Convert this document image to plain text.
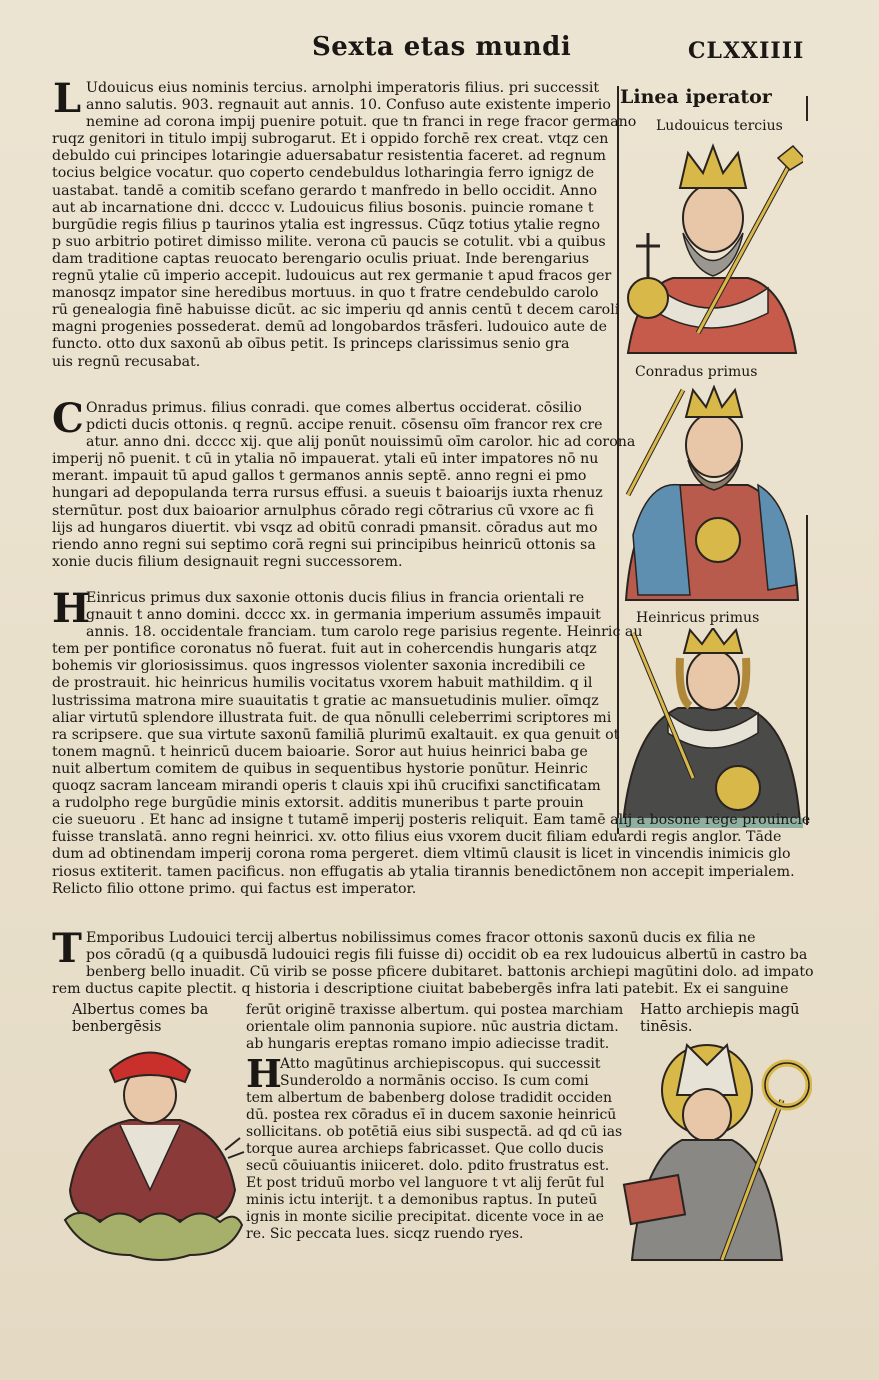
Sexta etas mundi	CLXXIIII
Linea iperator
Ludouicus tercius
Conradus primus
Heinricus primus
L Udouicus eius nominis tercius. arnolphi imperatoris filius. pri successit

anno salutis. 903. regnauit aut annis. 10. Confuso aute existente imperio

nemine ad corona impij puenire potuit. que tn franci in rege fracor germano

ruqz genitori in titulo impij subrogarut. Et i oppido forchē rex creat. vtqz cen

debuldo cui principes lotaringie aduersabatur resistentia faceret. ad regnum

tocius belgice vocatur. quo coperto cendebuldus lotharingia ferro ignigz de

uastabat. tandē a comitib scefano gerardo t manfredo in bello occidit. Anno

aut ab incarnatione dni. dcccc v. Ludouicus filius bosonis. puincie romane t

burgūdie regis filius p taurinos ytalia est ingressus. Cūqz totius ytalie regno

p suo arbitrio potiret dimisso milite. verona cū paucis se cotulit. vbi a quibus

dam traditione captas reuocato berengario oculis priuat. Inde berengarius

regnū ytalie cū imperio accepit. ludouicus aut rex germanie t apud fracos ger

manosqz impator sine heredibus mortuus. in quo t fratre cendebuldo carolo

rū genealogia finē habuisse dicūt. ac sic imperiu qd annis centū t decem caroli

magni progenies possederat. demū ad longobardos trāsferi. ludouico aute de

functo. otto dux saxonū ab oībus petit. Is princeps clarissimus senio gra

uis regnū recusabat.

C Onradus primus. filius conradi. que comes albertus occiderat. cōsilio

pdicti ducis ottonis. q regnū. accipe renuit. cōsensu oīm francor rex cre

atur. anno dni. dcccc xij. que alij ponūt nouissimū oīm carolor. hic ad corona

imperij nō puenit. t cū in ytalia nō impauerat. ytali eū inter impatores nō nu

merant. impauit tū apud gallos t germanos annis septē. anno regni ei pmo

hungari ad depopulanda terra rursus effusi. a sueuis t baioarijs iuxta rhenuz

sternūtur. post dux baioarior arnulphus cōrado regi cōtrarius cū vxore ac fi

lijs ad hungaros diuertit. vbi vsqz ad obitū conradi pmansit. cōradus aut mo

riendo anno regni sui septimo corā regni sui principibus heinricū ottonis sa

xonie ducis filium designauit regni successorem.

H

Einricus primus dux saxonie ottonis ducis filius in francia orientali re

gnauit t anno domini. dcccc xx. in germania imperium assumēs impauit

annis. 18. occidentale franciam. tum carolo rege parisius regente. Heinric au

tem per pontifice coronatus nō fuerat. fuit aut in cohercendis hungaris atqz

bohemis vir gloriosissimus. quos ingressos violenter saxonia incredibili ce

de prostrauit. hic heinricus humilis vocitatus vxorem habuit mathildim. q il

lustrissima matrona mire suauitatis t gratie ac mansuetudinis mulier. oīmqz

aliar virtutū splendore illustrata fuit. de qua nōnulli celeberrimi scriptores mi

ra scripsere. que sua virtute saxonū familiā plurimū exaltauit. ex qua genuit ot

tonem magnū. t heinricū ducem baioarie. Soror aut huius heinrici baba ge

nuit albertum comitem de quibus in sequentibus hystorie ponūtur. Heinric

quoqz sacram lanceam mirandi operis t clauis xpi ihū crucifixi sanctificatam

a rudolpho rege burgūdie minis extorsit. additis muneribus t parte prouin

cie sueuoru . Et hanc ad insigne t tutamē imperij posteris reliquit. Eam tamē alij a bosone rege prouincie

fuisse translatā. anno regni heinrici. xv. otto filius eius vxorem ducit filiam eduardi regis anglor. Tāde

dum ad obtinendam imperij corona roma pergeret. diem vltimū clausit is licet in vincendis inimicis glo

riosus extiterit. tamen pacificus. non effugatis ab ytalia tirannis benedictōnem non accepit imperialem.

Relicto filio ottone primo. qui factus est imperator.

T Emporibus Ludouici tercij albertus nobilissimus comes fracor ottonis saxonū ducis ex filia ne

pos cōradū (q a quibusdā ludouici regis fili fuisse di) occidit ob ea rex ludouicus albertū in castro ba

benberg bello inuadit. Cū virib se posse pficere dubitaret. battonis archiepi magūtini dolo. ad impato

rem ductus capite plectit. q historia i descriptione ciuitat babebergēs infra lati patebit. Ex ei sanguine

Albertus comes ba
benbergēsis
Hatto archiepis magū
tinēsis.
ferūt originē traxisse albertum. qui postea marchiam
orientale olim pannonia supiore. nūc austria dictam.
ab hungaris ereptas romano impio adiecisse tradit.
H
Atto magūtinus archiepiscopus. qui successit
Sunderoldo a normānis occiso. Is cum comi
tem albertum de babenberg dolose tradidit occiden
dū. postea rex cōradus eī in ducem saxonie heinricū
sollicitans. ob potētiā eius sibi suspectā. ad qd cū ias
torque aurea archieps fabricasset. Que collo ducis
secū cōuiuantis iniiceret. dolo. pdito frustratus est.
Et post triduū morbo vel languore t vt alij ferūt ful
minis ictu interijt. t a demonibus raptus. In puteū
ignis in monte sicilie precipitat. dicente voce in ae
re. Sic peccata lues. sicqz ruendo ryes.
